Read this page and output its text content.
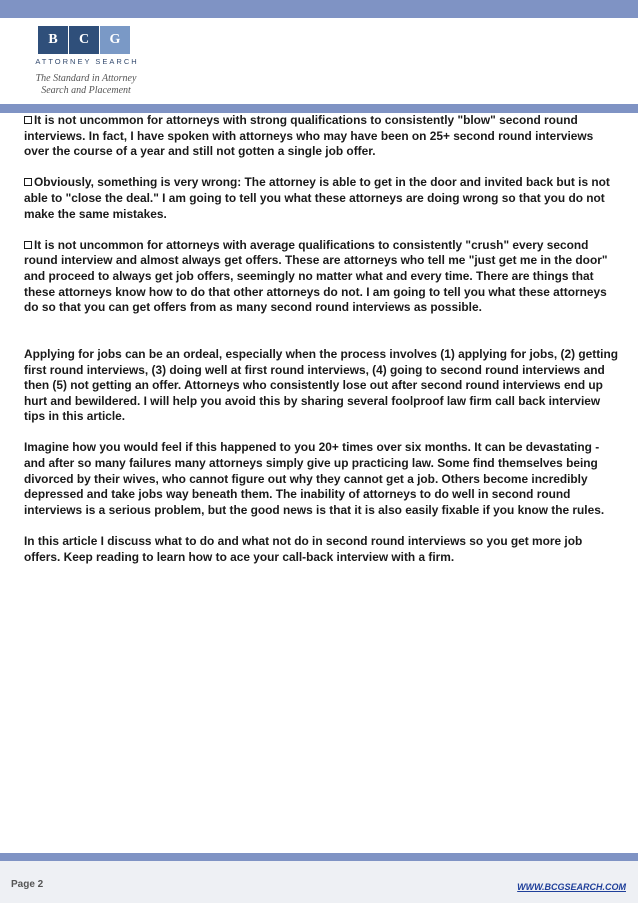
B	C	G
ATTORNEY SEARCH
The Standard in Attorney
Search and Placement

It is not uncommon for attorneys with strong qualifications to consistently "blow" second round interviews. In fact, I have spoken with attorneys who may have been on 25+ second round interviews over the course of a year and still not gotten a single job offer.

Obviously, something is very wrong: The attorney is able to get in the door and invited back but is not able to "close the deal." I am going to tell you what these attorneys are doing wrong so that you do not make the same mistakes.

It is not uncommon for attorneys with average qualifications to consistently "crush" every second round interview and almost always get offers. These are attorneys who tell me "just get me in the door" and proceed to always get job offers, seemingly no matter what and every time. There are things that these attorneys know how to do that other attorneys do not. I am going to tell you what these attorneys do so that you can get offers from as many second round interviews as possible.

Applying for jobs can be an ordeal, especially when the process involves (1) applying for jobs, (2) getting first round interviews, (3) doing well at first round interviews, (4) going to second round interviews and then (5) not getting an offer. Attorneys who consistently lose out after second round interviews end up hurt and bewildered. I will help you avoid this by sharing several foolproof law firm call back interview tips in this article.

Imagine how you would feel if this happened to you 20+ times over six months. It can be devastating - and after so many failures many attorneys simply give up practicing law. Some find themselves being divorced by their wives, who cannot figure out why they cannot get a job. Others become incredibly depressed and take jobs way beneath them. The inability of attorneys to do well in second round interviews is a serious problem, but the good news is that it is also easily fixable if you know the rules.

In this article I discuss what to do and what not do in second round interviews so you get more job offers. Keep reading to learn how to ace your call-back interview with a firm.

Page 2	WWW.BCGSEARCH.COM
